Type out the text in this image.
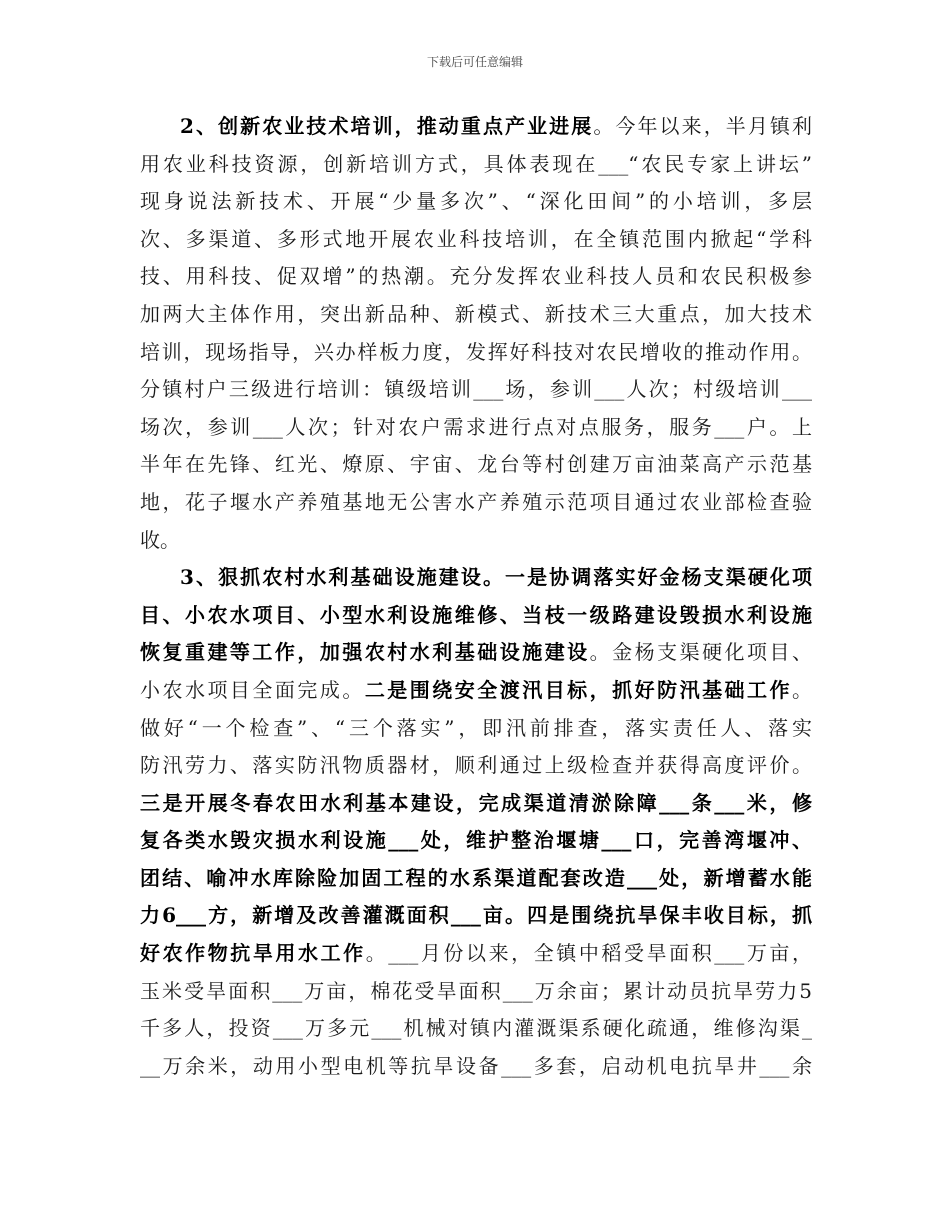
下载后可任意编辑
2、创新农业技术培训，推动重点产业进展。今年以来，半月镇利
用农业科技资源，创新培训方式，具体表现在___“农民专家上讲坛”
现身说法新技术、开展“少量多次”、“深化田间”的小培训，多层
次、多渠道、多形式地开展农业科技培训，在全镇范围内掀起“学科
技、用科技、促双增”的热潮。充分发挥农业科技人员和农民积极参
加两大主体作用，突出新品种、新模式、新技术三大重点，加大技术
培训，现场指导，兴办样板力度，发挥好科技对农民增收的推动作用。
分镇村户三级进行培训：镇级培训___场，参训___人次；村级培训___
场次，参训___人次；针对农户需求进行点对点服务，服务___户。上
半年在先锋、红光、燎原、宇宙、龙台等村创建万亩油菜高产示范基
地，花子堰水产养殖基地无公害水产养殖示范项目通过农业部检查验
收。
3、狠抓农村水利基础设施建设。一是协调落实好金杨支渠硬化项
目、小农水项目、小型水利设施维修、当枝一级路建设毁损水利设施
恢复重建等工作，加强农村水利基础设施建设。金杨支渠硬化项目、
小农水项目全面完成。二是围绕安全渡汛目标，抓好防汛基础工作。
做好“一个检查”、“三个落实”，即汛前排查，落实责任人、落实
防汛劳力、落实防汛物质器材，顺利通过上级检查并获得高度评价。
三是开展冬春农田水利基本建设，完成渠道清淤除障___条___米，修
复各类水毁灾损水利设施___处，维护整治堰塘___口，完善湾堰冲、
团结、喻冲水库除险加固工程的水系渠道配套改造___处，新增蓄水能
力6___方，新增及改善灌溉面积___亩。四是围绕抗旱保丰收目标，抓
好农作物抗旱用水工作。___月份以来，全镇中稻受旱面积___万亩，
玉米受旱面积___万亩，棉花受旱面积___万余亩；累计动员抗旱劳力5
千多人，投资___万多元___机械对镇内灌溉渠系硬化疏通，维修沟渠_
__万余米，动用小型电机等抗旱设备___多套，启动机电抗旱井___余
